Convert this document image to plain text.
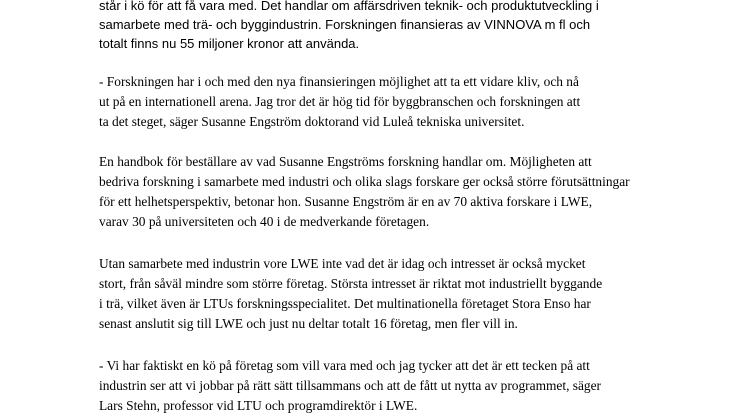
står i kö för att få vara med. Det handlar om affärsdriven teknik- och produktutveckling i
samarbete med trä- och byggindustrin. Forskningen finansieras av VINNOVA m fl och
totalt finns nu 55 miljoner kronor att använda.
- Forskningen har i och med den nya finansieringen möjlighet att ta ett vidare kliv, och nå
ut på en internationell arena. Jag tror det är hög tid för byggbranschen och forskningen att
ta det steget, säger Susanne Engström doktorand vid Luleå tekniska universitet.
En handbok för beställare av vad Susanne Engströms forskning handlar om. Möjligheten att
bedriva forskning i samarbete med industri och olika slags forskare ger också större förutsättningar
för ett helhetsperspektiv, betonar hon. Susanne Engström är en av 70 aktiva forskare i LWE,
varav 30 på universiteten och 40 i de medverkande företagen.
Utan samarbete med industrin vore LWE inte vad det är idag och intresset är också mycket
stort, från såväl mindre som större företag. Största intresset är riktat mot industriellt byggande
i trä, vilket även är LTUs forskningsspecialitet. Det multinationella företaget Stora Enso har
senast anslutit sig till LWE och just nu deltar totalt 16 företag, men fler vill in.
- Vi har faktiskt en kö på företag som vill vara med och jag tycker att det är ett tecken på att
industrin ser att vi jobbar på rätt sätt tillsammans och att de fått ut nytta av programmet, säger
Lars Stehn, professor vid LTU och programdirektör i LWE.
